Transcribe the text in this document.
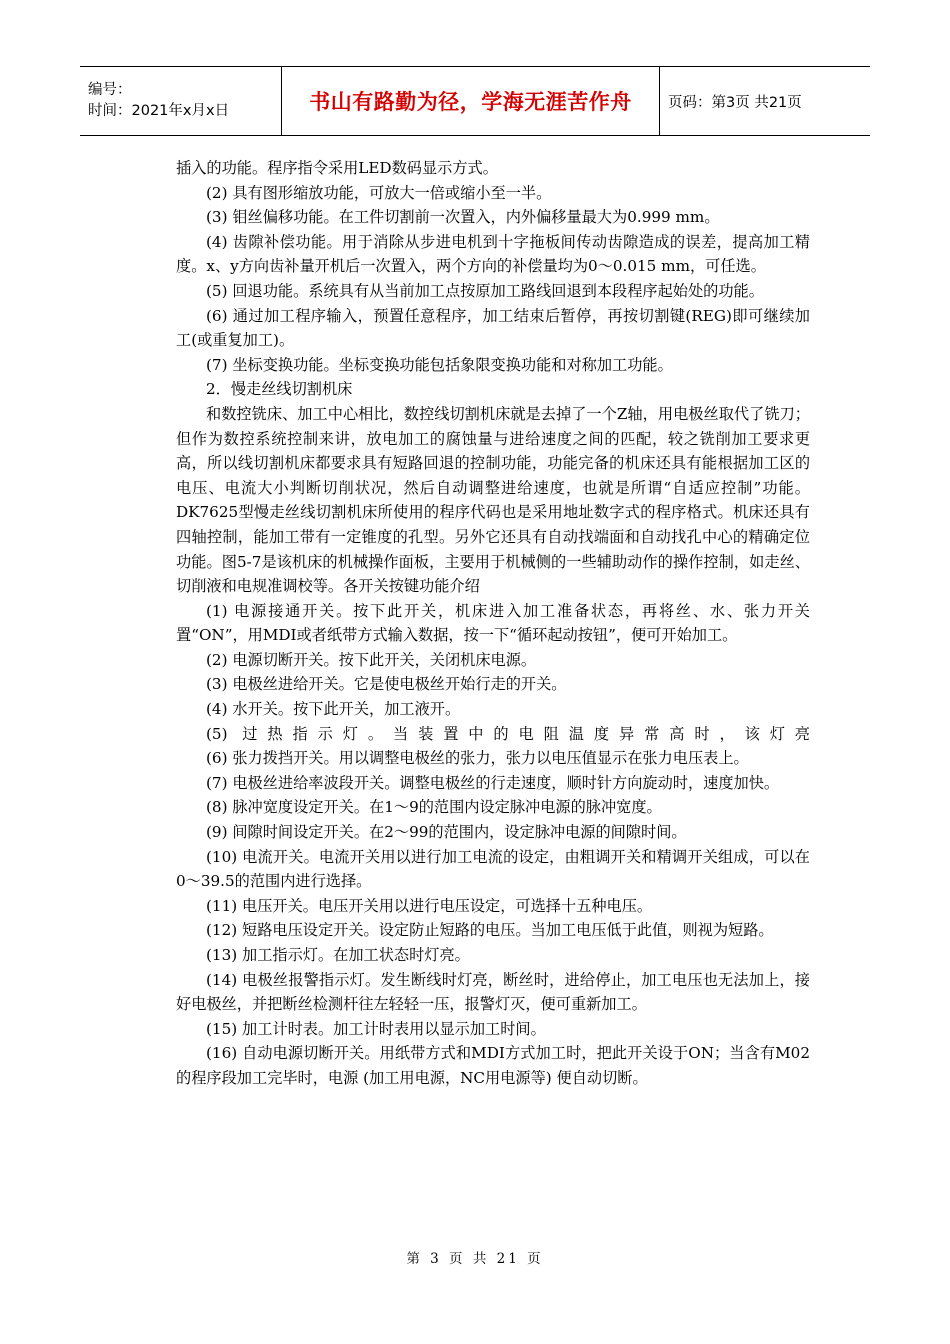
编号：
时间：2021年x月x日	书山有路勤为径，学海无涯苦作舟	页码：第3页 共21页

插入的功能。程序指令采用LED数码显示方式。

(2) 具有图形缩放功能，可放大一倍或缩小至一半。

(3) 钼丝偏移功能。在工件切割前一次置入，内外偏移量最大为0.999 mm。

(4) 齿隙补偿功能。用于消除从步进电机到十字拖板间传动齿隙造成的误差，提高加工精度。x、y方向齿补量开机后一次置入，两个方向的补偿量均为0～0.015 mm，可任选。

(5) 回退功能。系统具有从当前加工点按原加工路线回退到本段程序起始处的功能。

(6) 通过加工程序输入，预置任意程序，加工结束后暂停，再按切割键(REG)即可继续加工(或重复加工)。

(7) 坐标变换功能。坐标变换功能包括象限变换功能和对称加工功能。

2．慢走丝线切割机床

和数控铣床、加工中心相比，数控线切割机床就是去掉了一个Z轴，用电极丝取代了铣刀；但作为数控系统控制来讲，放电加工的腐蚀量与进给速度之间的匹配，较之铣削加工要求更高，所以线切割机床都要求具有短路回退的控制功能，功能完备的机床还具有能根据加工区的电压、电流大小判断切削状况，然后自动调整进给速度，也就是所谓“自适应控制”功能。DK7625型慢走丝线切割机床所使用的程序代码也是采用地址数字式的程序格式。机床还具有四轴控制，能加工带有一定锥度的孔型。另外它还具有自动找端面和自动找孔中心的精确定位功能。图5-7是该机床的机械操作面板，主要用于机械侧的一些辅助动作的操作控制，如走丝、切削液和电规准调校等。各开关按键功能介绍

(1) 电源接通开关。按下此开关，机床进入加工准备状态，再将丝、水、张力开关置“ON”，用MDI或者纸带方式输入数据，按一下“循环起动按钮”，便可开始加工。

(2) 电源切断开关。按下此开关，关闭机床电源。

(3) 电极丝进给开关。它是使电极丝开始行走的开关。

(4) 水开关。按下此开关，加工液开。

(5) 过热指示灯。当装置中的电阻温度异常高时，该灯亮

(6) 张力拨挡开关。用以调整电极丝的张力，张力以电压值显示在张力电压表上。

(7) 电极丝进给率波段开关。调整电极丝的行走速度，顺时针方向旋动时，速度加快。

(8) 脉冲宽度设定开关。在1～9的范围内设定脉冲电源的脉冲宽度。

(9) 间隙时间设定开关。在2～99的范围内，设定脉冲电源的间隙时间。

(10) 电流开关。电流开关用以进行加工电流的设定，由粗调开关和精调开关组成，可以在0～39.5的范围内进行选择。

(11) 电压开关。电压开关用以进行电压设定，可选择十五种电压。

(12) 短路电压设定开关。设定防止短路的电压。当加工电压低于此值，则视为短路。

(13) 加工指示灯。在加工状态时灯亮。

(14) 电极丝报警指示灯。发生断线时灯亮，断丝时，进给停止，加工电压也无法加上，接好电极丝，并把断丝检测杆往左轻轻一压，报警灯灭，便可重新加工。

(15) 加工计时表。加工计时表用以显示加工时间。

(16) 自动电源切断开关。用纸带方式和MDI方式加工时，把此开关设于ON；当含有M02的程序段加工完毕时，电源 (加工用电源，NC用电源等) 便自动切断。

第 3 页 共 21 页
